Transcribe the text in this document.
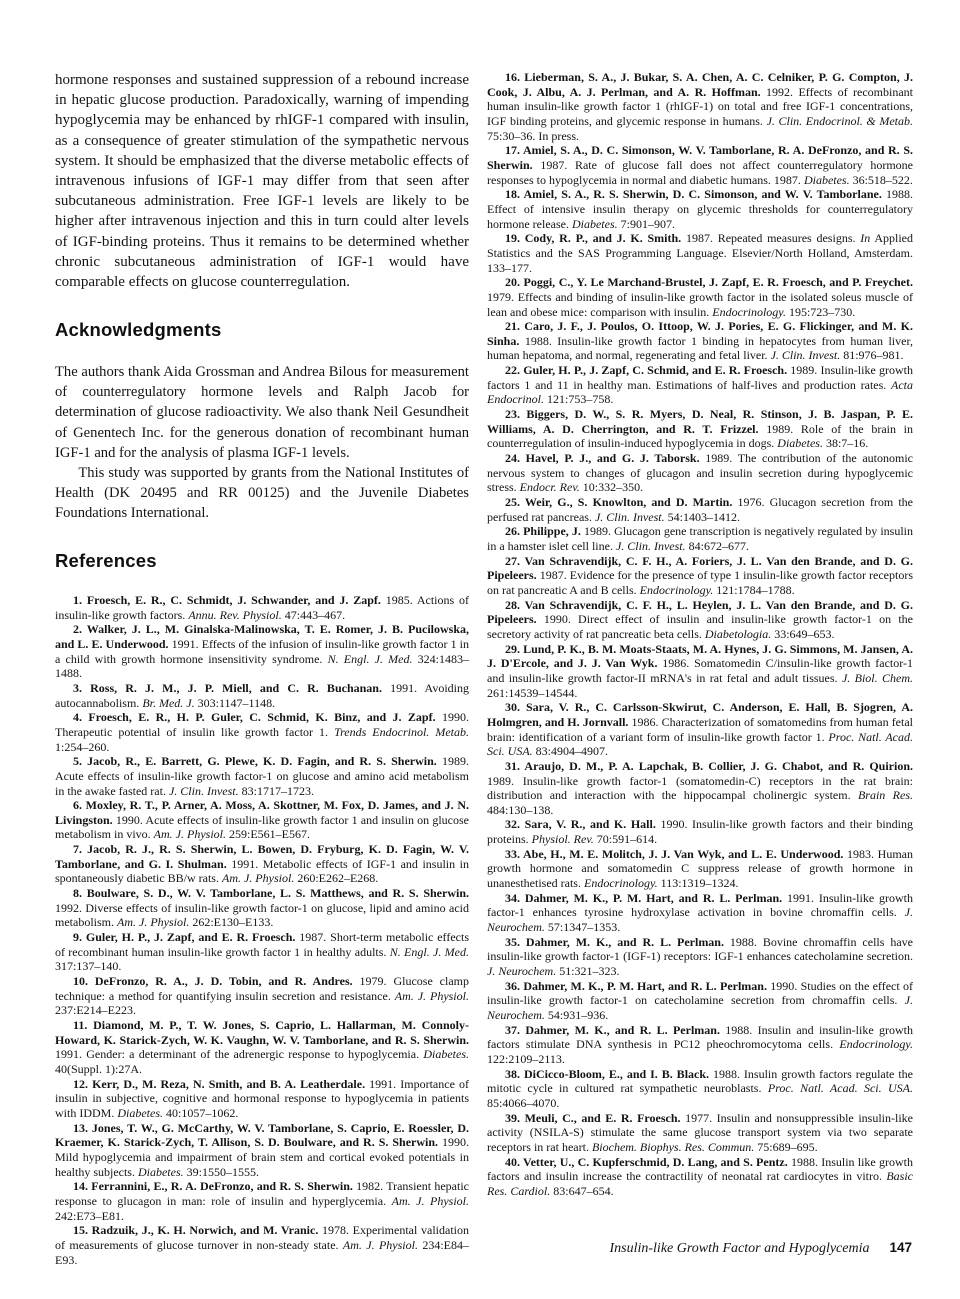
hormone responses and sustained suppression of a rebound increase in hepatic glucose production. Paradoxically, warning of impending hypoglycemia may be enhanced by rhIGF-1 compared with insulin, as a consequence of greater stimulation of the sympathetic nervous system. It should be emphasized that the diverse metabolic effects of intravenous infusions of IGF-1 may differ from that seen after subcutaneous administration. Free IGF-1 levels are likely to be higher after intravenous injection and this in turn could alter levels of IGF-binding proteins. Thus it remains to be determined whether chronic subcutaneous administration of IGF-1 would have comparable effects on glucose counterregulation.

Acknowledgments

The authors thank Aida Grossman and Andrea Bilous for measurement of counterregulatory hormone levels and Ralph Jacob for determination of glucose radioactivity. We also thank Neil Gesundheit of Genentech Inc. for the generous donation of recombinant human IGF-1 and for the analysis of plasma IGF-1 levels.

This study was supported by grants from the National Institutes of Health (DK 20495 and RR 00125) and the Juvenile Diabetes Foundations International.

References

1. Froesch, E. R., C. Schmidt, J. Schwander, and J. Zapf. 1985. Actions of insulin-like growth factors. Annu. Rev. Physiol. 47:443–467.

2. Walker, J. L., M. Ginalska-Malinowska, T. E. Romer, J. B. Pucilowska, and L. E. Underwood. 1991. Effects of the infusion of insulin-like growth factor 1 in a child with growth hormone insensitivity syndrome. N. Engl. J. Med. 324:1483–1488.

3. Ross, R. J. M., J. P. Miell, and C. R. Buchanan. 1991. Avoiding autocannabolism. Br. Med. J. 303:1147–1148.

4. Froesch, E. R., H. P. Guler, C. Schmid, K. Binz, and J. Zapf. 1990. Therapeutic potential of insulin like growth factor 1. Trends Endocrinol. Metab. 1:254–260.

5. Jacob, R., E. Barrett, G. Plewe, K. D. Fagin, and R. S. Sherwin. 1989. Acute effects of insulin-like growth factor-1 on glucose and amino acid metabolism in the awake fasted rat. J. Clin. Invest. 83:1717–1723.

6. Moxley, R. T., P. Arner, A. Moss, A. Skottner, M. Fox, D. James, and J. N. Livingston. 1990. Acute effects of insulin-like growth factor 1 and insulin on glucose metabolism in vivo. Am. J. Physiol. 259:E561–E567.

7. Jacob, R. J., R. S. Sherwin, L. Bowen, D. Fryburg, K. D. Fagin, W. V. Tamborlane, and G. I. Shulman. 1991. Metabolic effects of IGF-1 and insulin in spontaneously diabetic BB/w rats. Am. J. Physiol. 260:E262–E268.

8. Boulware, S. D., W. V. Tamborlane, L. S. Matthews, and R. S. Sherwin. 1992. Diverse effects of insulin-like growth factor-1 on glucose, lipid and amino acid metabolism. Am. J. Physiol. 262:E130–E133.

9. Guler, H. P., J. Zapf, and E. R. Froesch. 1987. Short-term metabolic effects of recombinant human insulin-like growth factor 1 in healthy adults. N. Engl. J. Med. 317:137–140.

10. DeFronzo, R. A., J. D. Tobin, and R. Andres. 1979. Glucose clamp technique: a method for quantifying insulin secretion and resistance. Am. J. Physiol. 237:E214–E223.

11. Diamond, M. P., T. W. Jones, S. Caprio, L. Hallarman, M. Connoly-Howard, K. Starick-Zych, W. K. Vaughn, W. V. Tamborlane, and R. S. Sherwin. 1991. Gender: a determinant of the adrenergic response to hypoglycemia. Diabetes. 40(Suppl. 1):27A.

12. Kerr, D., M. Reza, N. Smith, and B. A. Leatherdale. 1991. Importance of insulin in subjective, cognitive and hormonal response to hypoglycemia in patients with IDDM. Diabetes. 40:1057–1062.

13. Jones, T. W., G. McCarthy, W. V. Tamborlane, S. Caprio, E. Roessler, D. Kraemer, K. Starick-Zych, T. Allison, S. D. Boulware, and R. S. Sherwin. 1990. Mild hypoglycemia and impairment of brain stem and cortical evoked potentials in healthy subjects. Diabetes. 39:1550–1555.

14. Ferrannini, E., R. A. DeFronzo, and R. S. Sherwin. 1982. Transient hepatic response to glucagon in man: role of insulin and hyperglycemia. Am. J. Physiol. 242:E73–E81.

15. Radzuik, J., K. H. Norwich, and M. Vranic. 1978. Experimental validation of measurements of glucose turnover in non-steady state. Am. J. Physiol. 234:E84–E93.

16. Lieberman, S. A., J. Bukar, S. A. Chen, A. C. Celniker, P. G. Compton, J. Cook, J. Albu, A. J. Perlman, and A. R. Hoffman. 1992. Effects of recombinant human insulin-like growth factor 1 (rhIGF-1) on total and free IGF-1 concentrations, IGF binding proteins, and glycemic response in humans. J. Clin. Endocrinol. & Metab. 75:30–36. In press.

17. Amiel, S. A., D. C. Simonson, W. V. Tamborlane, R. A. DeFronzo, and R. S. Sherwin. 1987. Rate of glucose fall does not affect counterregulatory hormone responses to hypoglycemia in normal and diabetic humans. 1987. Diabetes. 36:518–522.

18. Amiel, S. A., R. S. Sherwin, D. C. Simonson, and W. V. Tamborlane. 1988. Effect of intensive insulin therapy on glycemic thresholds for counterregulatory hormone release. Diabetes. 7:901–907.

19. Cody, R. P., and J. K. Smith. 1987. Repeated measures designs. In Applied Statistics and the SAS Programming Language. Elsevier/North Holland, Amsterdam. 133–177.

20. Poggi, C., Y. Le Marchand-Brustel, J. Zapf, E. R. Froesch, and P. Freychet. 1979. Effects and binding of insulin-like growth factor in the isolated soleus muscle of lean and obese mice: comparison with insulin. Endocrinology. 195:723–730.

21. Caro, J. F., J. Poulos, O. Ittoop, W. J. Pories, E. G. Flickinger, and M. K. Sinha. 1988. Insulin-like growth factor 1 binding in hepatocytes from human liver, human hepatoma, and normal, regenerating and fetal liver. J. Clin. Invest. 81:976–981.

22. Guler, H. P., J. Zapf, C. Schmid, and E. R. Froesch. 1989. Insulin-like growth factors 1 and 11 in healthy man. Estimations of half-lives and production rates. Acta Endocrinol. 121:753–758.

23. Biggers, D. W., S. R. Myers, D. Neal, R. Stinson, J. B. Jaspan, P. E. Williams, A. D. Cherrington, and R. T. Frizzel. 1989. Role of the brain in counterregulation of insulin-induced hypoglycemia in dogs. Diabetes. 38:7–16.

24. Havel, P. J., and G. J. Taborsk. 1989. The contribution of the autonomic nervous system to changes of glucagon and insulin secretion during hypoglycemic stress. Endocr. Rev. 10:332–350.

25. Weir, G., S. Knowlton, and D. Martin. 1976. Glucagon secretion from the perfused rat pancreas. J. Clin. Invest. 54:1403–1412.

26. Philippe, J. 1989. Glucagon gene transcription is negatively regulated by insulin in a hamster islet cell line. J. Clin. Invest. 84:672–677.

27. Van Schravendijk, C. F. H., A. Foriers, J. L. Van den Brande, and D. G. Pipeleers. 1987. Evidence for the presence of type 1 insulin-like growth factor receptors on rat pancreatic A and B cells. Endocrinology. 121:1784–1788.

28. Van Schravendijk, C. F. H., L. Heylen, J. L. Van den Brande, and D. G. Pipeleers. 1990. Direct effect of insulin and insulin-like growth factor-1 on the secretory activity of rat pancreatic beta cells. Diabetologia. 33:649–653.

29. Lund, P. K., B. M. Moats-Staats, M. A. Hynes, J. G. Simmons, M. Jansen, A. J. D'Ercole, and J. J. Van Wyk. 1986. Somatomedin C/insulin-like growth factor-1 and insulin-like growth factor-II mRNA's in rat fetal and adult tissues. J. Biol. Chem. 261:14539–14544.

30. Sara, V. R., C. Carlsson-Skwirut, C. Anderson, E. Hall, B. Sjogren, A. Holmgren, and H. Jornvall. 1986. Characterization of somatomedins from human fetal brain: identification of a variant form of insulin-like growth factor 1. Proc. Natl. Acad. Sci. USA. 83:4904–4907.

31. Araujo, D. M., P. A. Lapchak, B. Collier, J. G. Chabot, and R. Quirion. 1989. Insulin-like growth factor-1 (somatomedin-C) receptors in the rat brain: distribution and interaction with the hippocampal cholinergic system. Brain Res. 484:130–138.

32. Sara, V. R., and K. Hall. 1990. Insulin-like growth factors and their binding proteins. Physiol. Rev. 70:591–614.

33. Abe, H., M. E. Molitch, J. J. Van Wyk, and L. E. Underwood. 1983. Human growth hormone and somatomedin C suppress release of growth hormone in unanesthetised rats. Endocrinology. 113:1319–1324.

34. Dahmer, M. K., P. M. Hart, and R. L. Perlman. 1991. Insulin-like growth factor-1 enhances tyrosine hydroxylase activation in bovine chromaffin cells. J. Neurochem. 57:1347–1353.

35. Dahmer, M. K., and R. L. Perlman. 1988. Bovine chromaffin cells have insulin-like growth factor-1 (IGF-1) receptors: IGF-1 enhances catecholamine secretion. J. Neurochem. 51:321–323.

36. Dahmer, M. K., P. M. Hart, and R. L. Perlman. 1990. Studies on the effect of insulin-like growth factor-1 on catecholamine secretion from chromaffin cells. J. Neurochem. 54:931–936.

37. Dahmer, M. K., and R. L. Perlman. 1988. Insulin and insulin-like growth factors stimulate DNA synthesis in PC12 pheochromocytoma cells. Endocrinology. 122:2109–2113.

38. DiCicco-Bloom, E., and I. B. Black. 1988. Insulin growth factors regulate the mitotic cycle in cultured rat sympathetic neuroblasts. Proc. Natl. Acad. Sci. USA. 85:4066–4070.

39. Meuli, C., and E. R. Froesch. 1977. Insulin and nonsuppressible insulin-like activity (NSILA-S) stimulate the same glucose transport system via two separate receptors in rat heart. Biochem. Biophys. Res. Commun. 75:689–695.

40. Vetter, U., C. Kupferschmid, D. Lang, and S. Pentz. 1988. Insulin like growth factors and insulin increase the contractility of neonatal rat cardiocytes in vitro. Basic Res. Cardiol. 83:647–654.

Insulin-like Growth Factor and Hypoglycemia 147
